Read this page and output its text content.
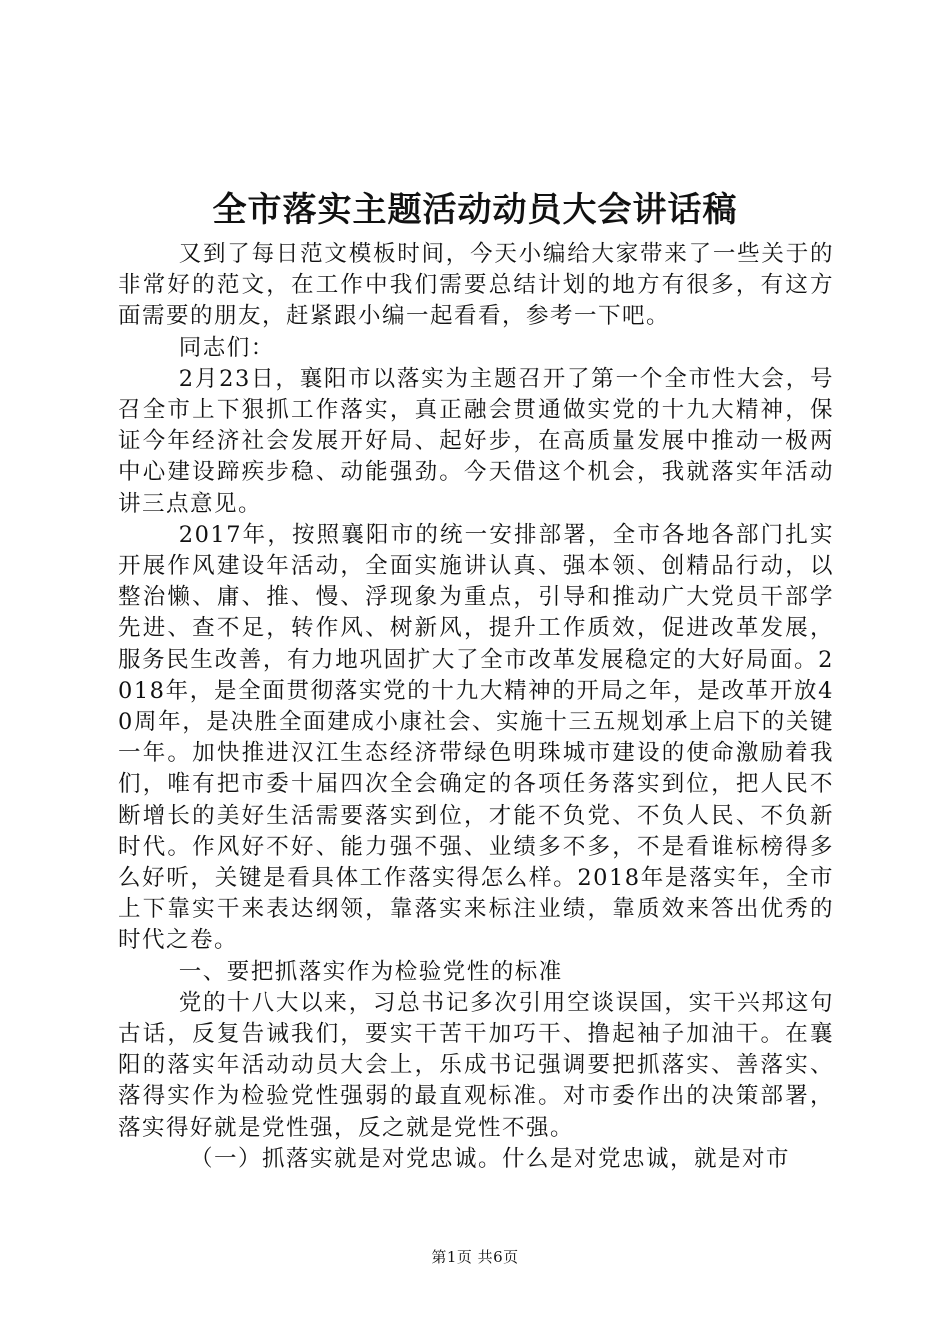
全市落实主题活动动员大会讲话稿

又到了每日范文模板时间，今天小编给大家带来了一些关于的非常好的范文，在工作中我们需要总结计划的地方有很多，有这方面需要的朋友，赶紧跟小编一起看看，参考一下吧。

同志们：

2月23日，襄阳市以落实为主题召开了第一个全市性大会，号召全市上下狠抓工作落实，真正融会贯通做实党的十九大精神，保证今年经济社会发展开好局、起好步，在高质量发展中推动一极两中心建设蹄疾步稳、动能强劲。今天借这个机会，我就落实年活动讲三点意见。

2017年，按照襄阳市的统一安排部署，全市各地各部门扎实开展作风建设年活动，全面实施讲认真、强本领、创精品行动，以整治懒、庸、推、慢、浮现象为重点，引导和推动广大党员干部学先进、查不足，转作风、树新风，提升工作质效，促进改革发展，服务民生改善，有力地巩固扩大了全市改革发展稳定的大好局面。2018年，是全面贯彻落实党的十九大精神的开局之年，是改革开放40周年，是决胜全面建成小康社会、实施十三五规划承上启下的关键一年。加快推进汉江生态经济带绿色明珠城市建设的使命激励着我们，唯有把市委十届四次全会确定的各项任务落实到位，把人民不断增长的美好生活需要落实到位，才能不负党、不负人民、不负新时代。作风好不好、能力强不强、业绩多不多，不是看谁标榜得多么好听，关键是看具体工作落实得怎么样。2018年是落实年，全市上下靠实干来表达纲领，靠落实来标注业绩，靠质效来答出优秀的时代之卷。

一、要把抓落实作为检验党性的标准

党的十八大以来，习总书记多次引用空谈误国，实干兴邦这句古话，反复告诫我们，要实干苦干加巧干、撸起袖子加油干。在襄阳的落实年活动动员大会上，乐成书记强调要把抓落实、善落实、落得实作为检验党性强弱的最直观标准。对市委作出的决策部署，落实得好就是党性强，反之就是党性不强。

（一）抓落实就是对党忠诚。什么是对党忠诚，就是对市

第1页 共6页
